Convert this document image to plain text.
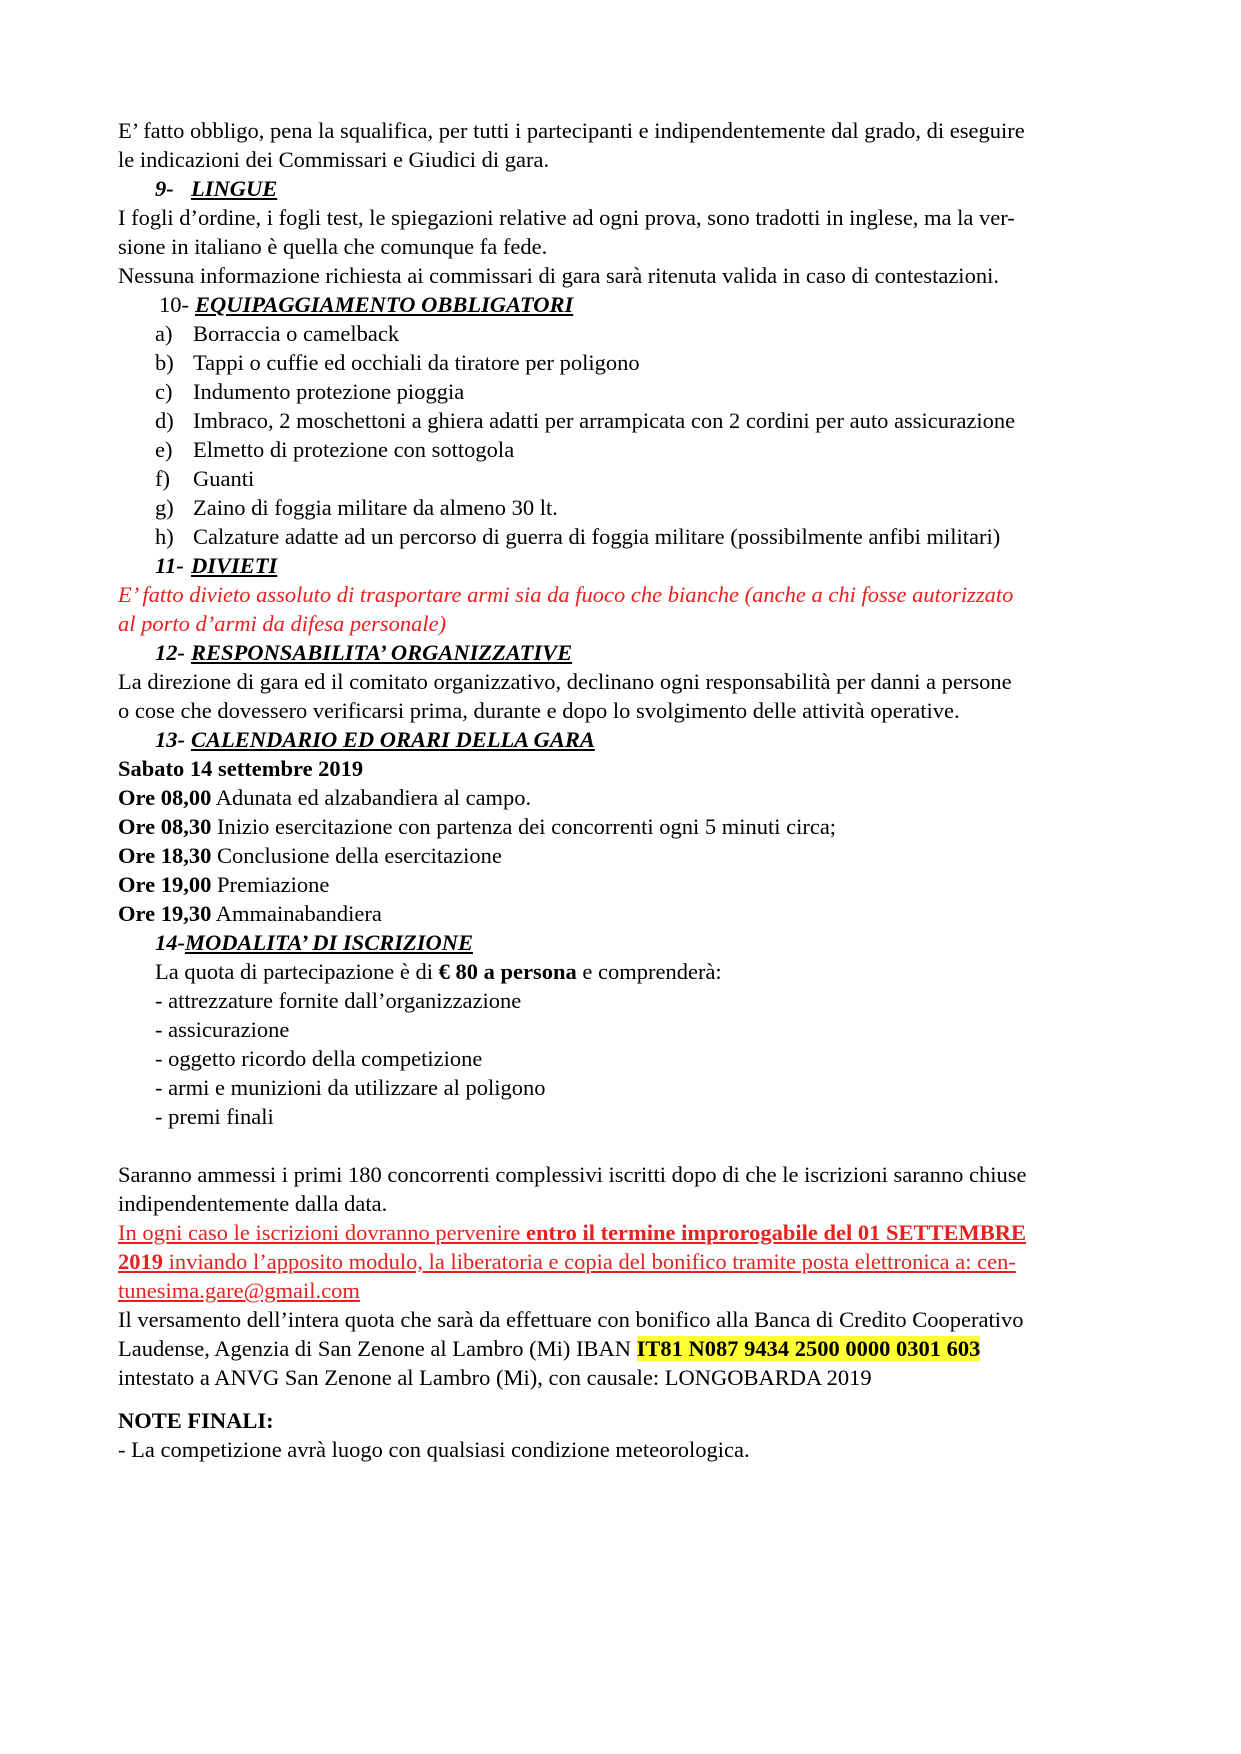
E’ fatto obbligo, pena la squalifica, per tutti i partecipanti e indipendentemente dal grado, di eseguire
le indicazioni dei Commissari e Giudici di gara.
9- LINGUE
I fogli d’ordine, i fogli test, le spiegazioni relative ad ogni prova, sono tradotti in inglese, ma la ver-
sione in italiano è quella che comunque fa fede.
Nessuna informazione richiesta ai commissari di gara sarà ritenuta valida in caso di contestazioni.
10- EQUIPAGGIAMENTO OBBLIGATORI
a) Borraccia o camelback
b) Tappi o cuffie ed occhiali da tiratore per poligono
c) Indumento protezione pioggia
d) Imbraco, 2 moschettoni a ghiera adatti per arrampicata con 2 cordini per auto assicurazione
e) Elmetto di protezione con sottogola
f)	Guanti
g) Zaino di foggia militare da almeno 30 lt.
h) Calzature adatte ad un percorso di guerra di foggia militare (possibilmente anfibi militari)
11- DIVIETI
E’ fatto divieto assoluto di trasportare armi sia da fuoco che bianche (anche a chi fosse autorizzato
al porto d’armi da difesa personale)
12- RESPONSABILITA’ ORGANIZZATIVE
La direzione di gara ed il comitato organizzativo, declinano ogni responsabilità per danni a persone
o cose che dovessero verificarsi prima, durante e dopo lo svolgimento delle attività operative.
13- CALENDARIO ED ORARI DELLA GARA
Sabato 14 settembre 2019
Ore 08,00 Adunata ed alzabandiera al campo.
Ore 08,30 Inizio esercitazione con partenza dei concorrenti ogni 5 minuti circa;
Ore 18,30 Conclusione della esercitazione
Ore 19,00 Premiazione
Ore 19,30 Ammainabandiera
14-MODALITA’ DI ISCRIZIONE
La quota di partecipazione è di € 80 a persona e comprenderà:
- attrezzature fornite dall’organizzazione
- assicurazione
- oggetto ricordo della competizione
- armi e munizioni da utilizzare al poligono
- premi finali
Saranno ammessi i primi 180 concorrenti complessivi iscritti dopo di che le iscrizioni saranno chiuse
indipendentemente dalla data.
In ogni caso le iscrizioni dovranno pervenire entro il termine improrogabile del 01 SETTEMBRE
2019 inviando l’apposito modulo, la liberatoria e copia del bonifico tramite posta elettronica a: cen-
tunesima.gare@gmail.com
Il versamento dell’intera quota che sarà da effettuare con bonifico alla Banca di Credito Cooperativo
Laudense, Agenzia di San Zenone al Lambro (Mi) IBAN IT81 N087 9434 2500 0000 0301 603
intestato a ANVG San Zenone al Lambro (Mi), con causale: LONGOBARDA 2019
NOTE FINALI:
- La competizione avrà luogo con qualsiasi condizione meteorologica.
